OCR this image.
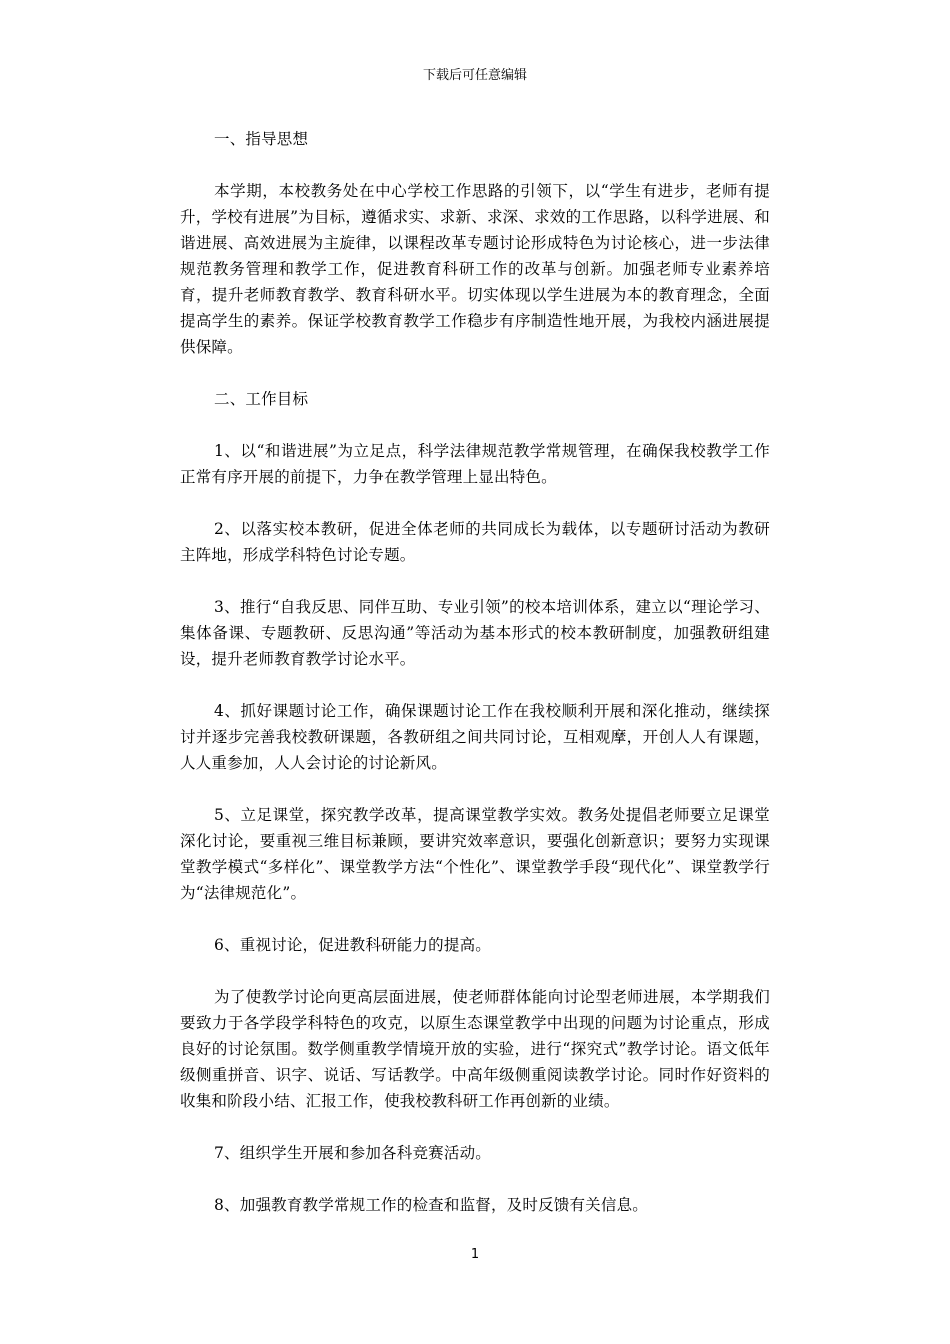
下载后可任意编辑

一、指导思想

本学期，本校教务处在中心学校工作思路的引领下，以“学生有进步，老师有提升，学校有进展”为目标，遵循求实、求新、求深、求效的工作思路，以科学进展、和谐进展、高效进展为主旋律，以课程改革专题讨论形成特色为讨论核心，进一步法律规范教务管理和教学工作，促进教育科研工作的改革与创新。加强老师专业素养培育，提升老师教育教学、教育科研水平。切实体现以学生进展为本的教育理念，全面提高学生的素养。保证学校教育教学工作稳步有序制造性地开展，为我校内涵进展提供保障。

二、工作目标

1、以“和谐进展”为立足点，科学法律规范教学常规管理，在确保我校教学工作正常有序开展的前提下，力争在教学管理上显出特色。

2、以落实校本教研，促进全体老师的共同成长为载体，以专题研讨活动为教研主阵地，形成学科特色讨论专题。

3、推行“自我反思、同伴互助、专业引领”的校本培训体系，建立以“理论学习、集体备课、专题教研、反思沟通”等活动为基本形式的校本教研制度，加强教研组建设，提升老师教育教学讨论水平。

4、抓好课题讨论工作，确保课题讨论工作在我校顺利开展和深化推动，继续探讨并逐步完善我校教研课题，各教研组之间共同讨论，互相观摩，开创人人有课题，人人重参加，人人会讨论的讨论新风。

5、立足课堂，探究教学改革，提高课堂教学实效。教务处提倡老师要立足课堂深化讨论，要重视三维目标兼顾，要讲究效率意识，要强化创新意识；要努力实现课堂教学模式“多样化”、课堂教学方法“个性化”、课堂教学手段“现代化”、课堂教学行为“法律规范化”。

6、重视讨论，促进教科研能力的提高。

为了使教学讨论向更高层面进展，使老师群体能向讨论型老师进展，本学期我们要致力于各学段学科特色的攻克，以原生态课堂教学中出现的问题为讨论重点，形成良好的讨论氛围。数学侧重教学情境开放的实验，进行“探究式”教学讨论。语文低年级侧重拼音、识字、说话、写话教学。中高年级侧重阅读教学讨论。同时作好资料的收集和阶段小结、汇报工作，使我校教科研工作再创新的业绩。

7、组织学生开展和参加各科竞赛活动。

8、加强教育教学常规工作的检查和监督，及时反馈有关信息。

1
